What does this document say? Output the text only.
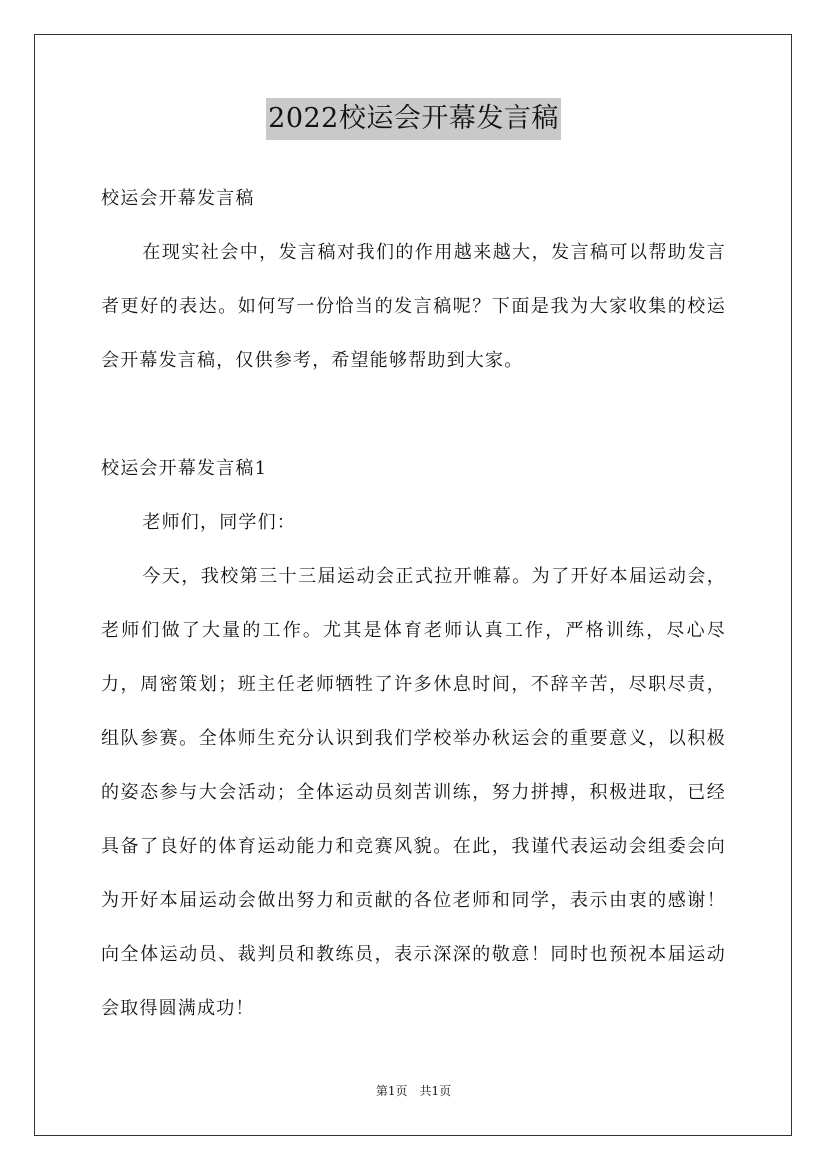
2022校运会开幕发言稿

校运会开幕发言稿

在现实社会中，发言稿对我们的作用越来越大，发言稿可以帮助发言者更好的表达。如何写一份恰当的发言稿呢？下面是我为大家收集的校运会开幕发言稿，仅供参考，希望能够帮助到大家。

校运会开幕发言稿1

老师们，同学们：

今天，我校第三十三届运动会正式拉开帷幕。为了开好本届运动会，老师们做了大量的工作。尤其是体育老师认真工作，严格训练，尽心尽力，周密策划；班主任老师牺牲了许多休息时间，不辞辛苦，尽职尽责，组队参赛。全体师生充分认识到我们学校举办秋运会的重要意义，以积极的姿态参与大会活动；全体运动员刻苦训练，努力拼搏，积极进取，已经具备了良好的体育运动能力和竞赛风貌。在此，我谨代表运动会组委会向为开好本届运动会做出努力和贡献的各位老师和同学，表示由衷的感谢！向全体运动员、裁判员和教练员，表示深深的敬意！同时也预祝本届运动会取得圆满成功！

第1页 共1页
